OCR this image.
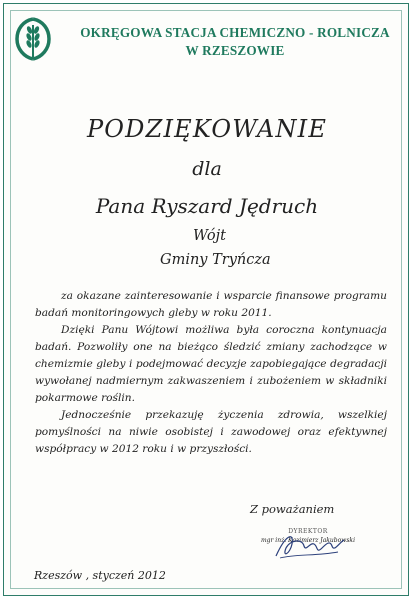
OKRĘGOWA STACJA CHEMICZNO - ROLNICZA
W RZESZOWIE
PODZIĘKOWANIE
dla
Pana Ryszard Jędruch
Wójt
Gminy Tryńcza

za okazane zainteresowanie i wsparcie finansowe programu badań monitoringowych gleby w roku 2011.

Dzięki Panu Wójtowi możliwa była coroczna kontynuacja badań. Pozwoliły one na bieżąco śledzić zmiany zachodzące w chemizmie gleby i podejmować decyzje zapobiegające degradacji wywołanej nadmiernym zakwaszeniem i zubożeniem w składniki pokarmowe roślin.

Jednocześnie przekazuję życzenia zdrowia, wszelkiej pomyślności na niwie osobistej i zawodowej oraz efektywnej współpracy w 2012 roku i w przyszłości.

Z poważaniem
DYREKTOR
mgr inż. Kazimierz Jakubowski
Rzeszów , styczeń 2012
